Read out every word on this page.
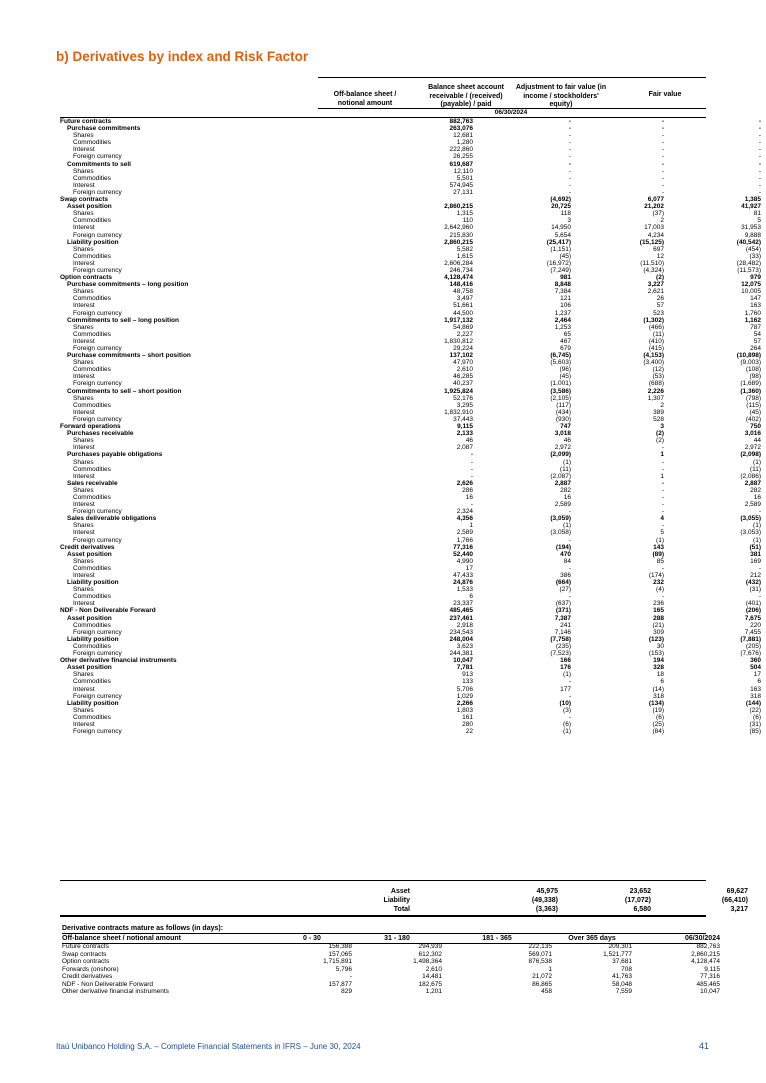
b) Derivatives by index and Risk Factor
Off-balance sheet / notional amount
Balance sheet account receivable / (received) (payable) / paid
Adjustment to fair value (in income / stockholders' equity)
Fair value
06/30/2024
Future contracts	882,763	-	-	-
Purchase commitments	263,076	-	-	-
Shares	12,681	-	-	-
Commodities	1,280	-	-	-
Interest	222,860	-	-	-
Foreign currency	26,255	-	-	-
Commitments to sell	619,687	-	-	-
Shares	12,110	-	-	-
Commodities	5,501	-	-	-
Interest	574,945	-	-	-
Foreign currency	27,131	-	-	-
Swap contracts		(4,692)	6,077	1,385
Asset position	2,860,215	20,725	21,202	41,927
Shares	1,315	118	(37)	81
Commodities	110	3	2	5
Interest	2,642,960	14,950	17,003	31,953
Foreign currency	215,830	5,654	4,234	9,888
Liability position	2,860,215	(25,417)	(15,125)	(40,542)
Shares	5,582	(1,151)	697	(454)
Commodities	1,615	(45)	12	(33)
Interest	2,606,284	(16,972)	(11,510)	(28,482)
Foreign currency	246,734	(7,249)	(4,324)	(11,573)
Option contracts	4,128,474	981	(2)	979
Purchase commitments – long position	148,416	8,848	3,227	12,075
Shares	48,758	7,384	2,621	10,005
Commodities	3,497	121	26	147
Interest	51,661	106	57	163
Foreign currency	44,500	1,237	523	1,760
Commitments to sell – long position	1,917,132	2,464	(1,302)	1,162
Shares	54,869	1,253	(466)	787
Commodities	2,227	65	(11)	54
Interest	1,830,812	467	(410)	57
Foreign currency	29,224	679	(415)	264
Purchase commitments – short position	137,102	(6,745)	(4,153)	(10,898)
Shares	47,970	(5,603)	(3,400)	(9,003)
Commodities	2,610	(96)	(12)	(108)
Interest	46,285	(45)	(53)	(98)
Foreign currency	40,237	(1,001)	(688)	(1,689)
Commitments to sell – short position	1,925,824	(3,586)	2,226	(1,360)
Shares	52,176	(2,105)	1,307	(798)
Commodities	3,295	(117)	2	(115)
Interest	1,832,910	(434)	389	(45)
Foreign currency	37,443	(930)	528	(402)
Forward operations	9,115	747	3	750
Purchases receivable	2,133	3,018	(2)	3,016
Shares	46	46	(2)	44
Interest	2,087	2,972	-	2,972
Purchases payable obligations	-	(2,099)	1	(2,098)
Shares	-	(1)	-	(1)
Commodities	-	(11)	-	(11)
Interest	-	(2,087)	1	(2,086)
Sales receivable	2,626	2,887	-	2,887
Shares	286	282	-	282
Commodities	16	16	-	16
Interest	-	2,589	-	2,589
Foreign currency	2,324	-	-	-
Sales deliverable obligations	4,356	(3,059)	4	(3,055)
Shares	1	(1)	-	(1)
Interest	2,589	(3,058)	5	(3,053)
Foreign currency	1,766	-	(1)	(1)
Credit derivatives	77,316	(194)	143	(51)
Asset position	52,440	470	(89)	381
Shares	4,990	84	85	169
Commodities	17	-	-	-
Interest	47,433	386	(174)	212
Liability position	24,876	(664)	232	(432)
Shares	1,533	(27)	(4)	(31)
Commodities	6	-	-	-
Interest	23,337	(637)	236	(401)
NDF - Non Deliverable Forward	485,465	(371)	165	(206)
Asset position	237,461	7,387	288	7,675
Commodities	2,918	241	(21)	220
Foreign currency	234,543	7,146	309	7,455
Liability position	248,004	(7,758)	(123)	(7,881)
Commodities	3,623	(235)	30	(205)
Foreign currency	244,381	(7,523)	(153)	(7,676)
Other derivative financial instruments	10,047	166	194	360
Asset position	7,781	176	328	504
Shares	913	(1)	18	17
Commodities	133	-	6	6
Interest	5,706	177	(14)	163
Foreign currency	1,029	-	318	318
Liability position	2,266	(10)	(134)	(144)
Shares	1,803	(3)	(19)	(22)
Commodities	161	-	(6)	(6)
Interest	280	(6)	(25)	(31)
Foreign currency	22	(1)	(84)	(85)
Asset	45,975	23,652	69,627
Liability	(49,338)	(17,072)	(66,410)
Total	(3,363)	6,580	3,217
Derivative contracts mature as follows (in days):
Off-balance sheet / notional amount	0 - 30	31 - 180	181 - 365	Over 365 days	06/30/2024
Future contracts	156,388	294,939	222,135	209,301	882,763
Swap contracts	157,065	612,302	569,071	1,521,777	2,860,215
Option contracts	1,715,891	1,498,364	876,538	37,681	4,128,474
Forwards (onshore)	5,796	2,610	1	708	9,115
Credit derivatives	-	14,481	21,072	41,763	77,316
NDF - Non Deliverable Forward	157,877	182,675	86,865	58,048	485,465
Other derivative financial instruments	829	1,201	458	7,559	10,047
Itaú Unibanco Holding S.A. – Complete Financial Statements in IFRS – June 30, 2024	41
